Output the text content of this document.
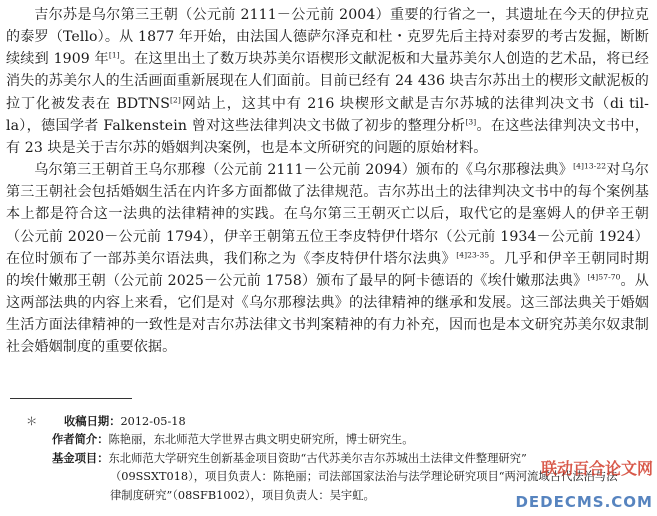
吉尔苏是乌尔第三王朝（公元前 2111－公元前 2004）重要的行省之一，其遗址在今天的伊拉克的泰罗（Tello）。从 1877 年开始，由法国人德萨尔泽克和杜・克罗先后主持对泰罗的考古发掘，断断续续到 1909 年[1]。在这里出土了数万块苏美尔语楔形文献泥板和大量苏美尔人创造的艺术品，将已经消失的苏美尔人的生活画面重新展现在人们面前。目前已经有 24 436 块吉尔苏出土的楔形文献泥板的拉丁化被发表在 BDTNS[2]网站上，这其中有 216 块楔形文献是吉尔苏城的法律判决文书（di til-la），德国学者 Falkenstein 曾对这些法律判决文书做了初步的整理分析[3]。在这些法律判决文书中，有 23 块是关于吉尔苏的婚姻判决案例，也是本文所研究的问题的原始材料。

乌尔第三王朝首王乌尔那穆（公元前 2111－公元前 2094）颁布的《乌尔那穆法典》$^{[4]13-22}$对乌尔第三王朝社会包括婚姻生活在内许多方面都做了法律规范。吉尔苏出土的法律判决文书中的每个案例基本上都是符合这一法典的法律精神的实践。在乌尔第三王朝灭亡以后，取代它的是塞姆人的伊辛王朝（公元前 2020－公元前 1794），伊辛王朝第五位王李皮特伊什塔尔（公元前 1934－公元前 1924）在位时颁布了一部苏美尔语法典，我们称之为《李皮特伊什塔尔法典》$^{[4]23-35}$。几乎和伊辛王朝同时期的埃什嫩那王朝（公元前 2025－公元前 1758）颁布了最早的阿卡德语的《埃什嫩那法典》$^{[4]57-70}$。从这两部法典的内容上来看，它们是对《乌尔那穆法典》的法律精神的继承和发展。这三部法典关于婚姻生活方面法律精神的一致性是对吉尔苏法律文书判案精神的有力补充，因而也是本文研究苏美尔奴隶制社会婚姻制度的重要依据。

＊ 收稿日期： 2012-05-18
作者简介： 陈艳丽，东北师范大学世界古典文明史研究所，博士研究生。
基金项目： 东北师范大学研究生创新基金项目资助“古代苏美尔吉尔苏城出土法律文件整理研究”
（09SSXT018），项目负责人：陈艳丽；司法部国家法治与法学理论研究项目“两河流域古代法治与法
律制度研究”（08SFB1002），项目负责人：吴宇虹。
联动百合论文网
DEDECMS.COM
